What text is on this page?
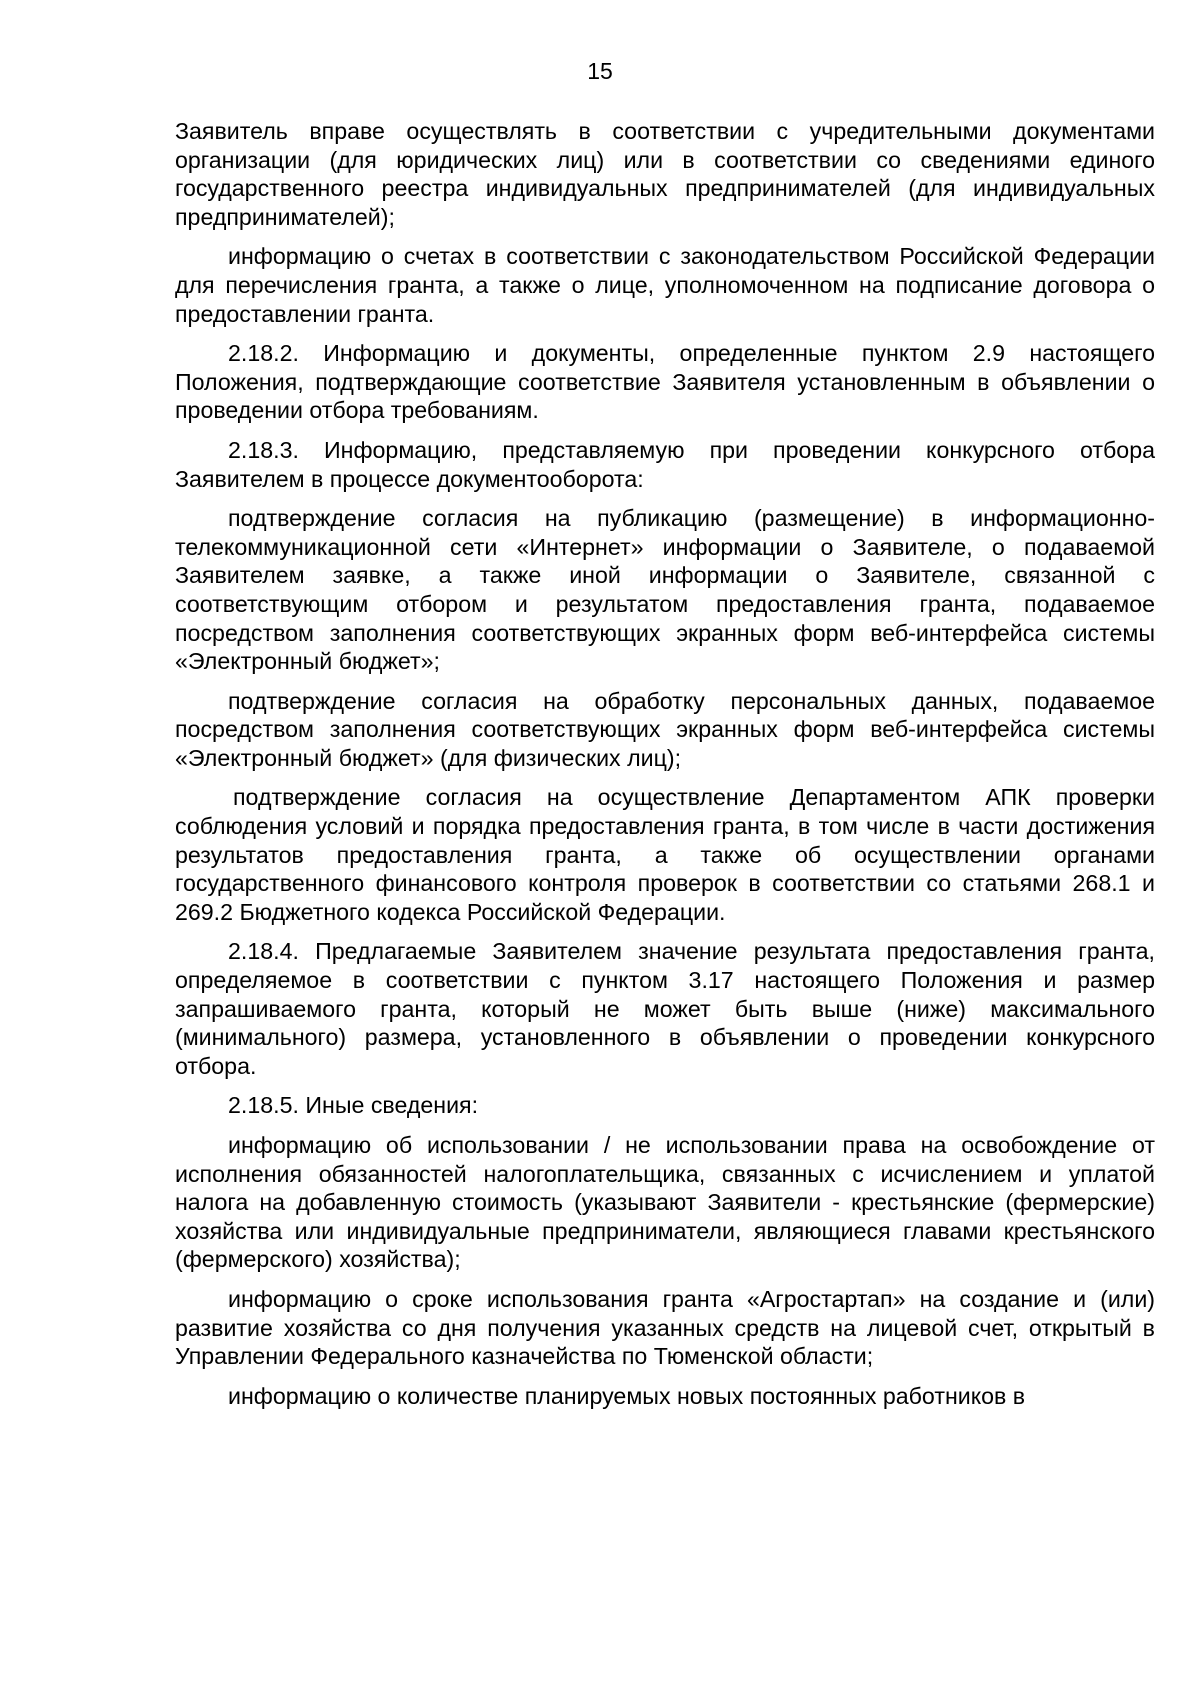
15

Заявитель вправе осуществлять в соответствии с учредительными документами организации (для юридических лиц) или в соответствии со сведениями единого государственного реестра индивидуальных предпринимателей (для индивидуальных предпринимателей);

информацию о счетах в соответствии с законодательством Российской Федерации для перечисления гранта, а также о лице, уполномоченном на подписание договора о предоставлении гранта.

2.18.2. Информацию и документы, определенные пунктом 2.9 настоящего Положения, подтверждающие соответствие Заявителя установленным в объявлении о проведении отбора требованиям.

2.18.3. Информацию, представляемую при проведении конкурсного отбора Заявителем в процессе документооборота:

подтверждение согласия на публикацию (размещение) в информационно-телекоммуникационной сети «Интернет» информации о Заявителе, о подаваемой Заявителем заявке, а также иной информации о Заявителе, связанной с соответствующим отбором и результатом предоставления гранта, подаваемое посредством заполнения соответствующих экранных форм веб-интерфейса системы «Электронный бюджет»;

подтверждение согласия на обработку персональных данных, подаваемое посредством заполнения соответствующих экранных форм веб-интерфейса системы «Электронный бюджет» (для физических лиц);

подтверждение согласия на осуществление Департаментом АПК проверки соблюдения условий и порядка предоставления гранта, в том числе в части достижения результатов предоставления гранта, а также об осуществлении органами государственного финансового контроля проверок в соответствии со статьями 268.1 и 269.2 Бюджетного кодекса Российской Федерации.

2.18.4. Предлагаемые Заявителем значение результата предоставления гранта, определяемое в соответствии с пунктом 3.17 настоящего Положения и размер запрашиваемого гранта, который не может быть выше (ниже) максимального (минимального) размера, установленного в объявлении о проведении конкурсного отбора.

2.18.5. Иные сведения:

информацию об использовании / не использовании права на освобождение от исполнения обязанностей налогоплательщика, связанных с исчислением и уплатой налога на добавленную стоимость (указывают Заявители - крестьянские (фермерские) хозяйства или индивидуальные предприниматели, являющиеся главами крестьянского (фермерского) хозяйства);

информацию о сроке использования гранта «Агростартап» на создание и (или) развитие хозяйства со дня получения указанных средств на лицевой счет, открытый в Управлении Федерального казначейства по Тюменской области;

информацию о количестве планируемых новых постоянных работников в
